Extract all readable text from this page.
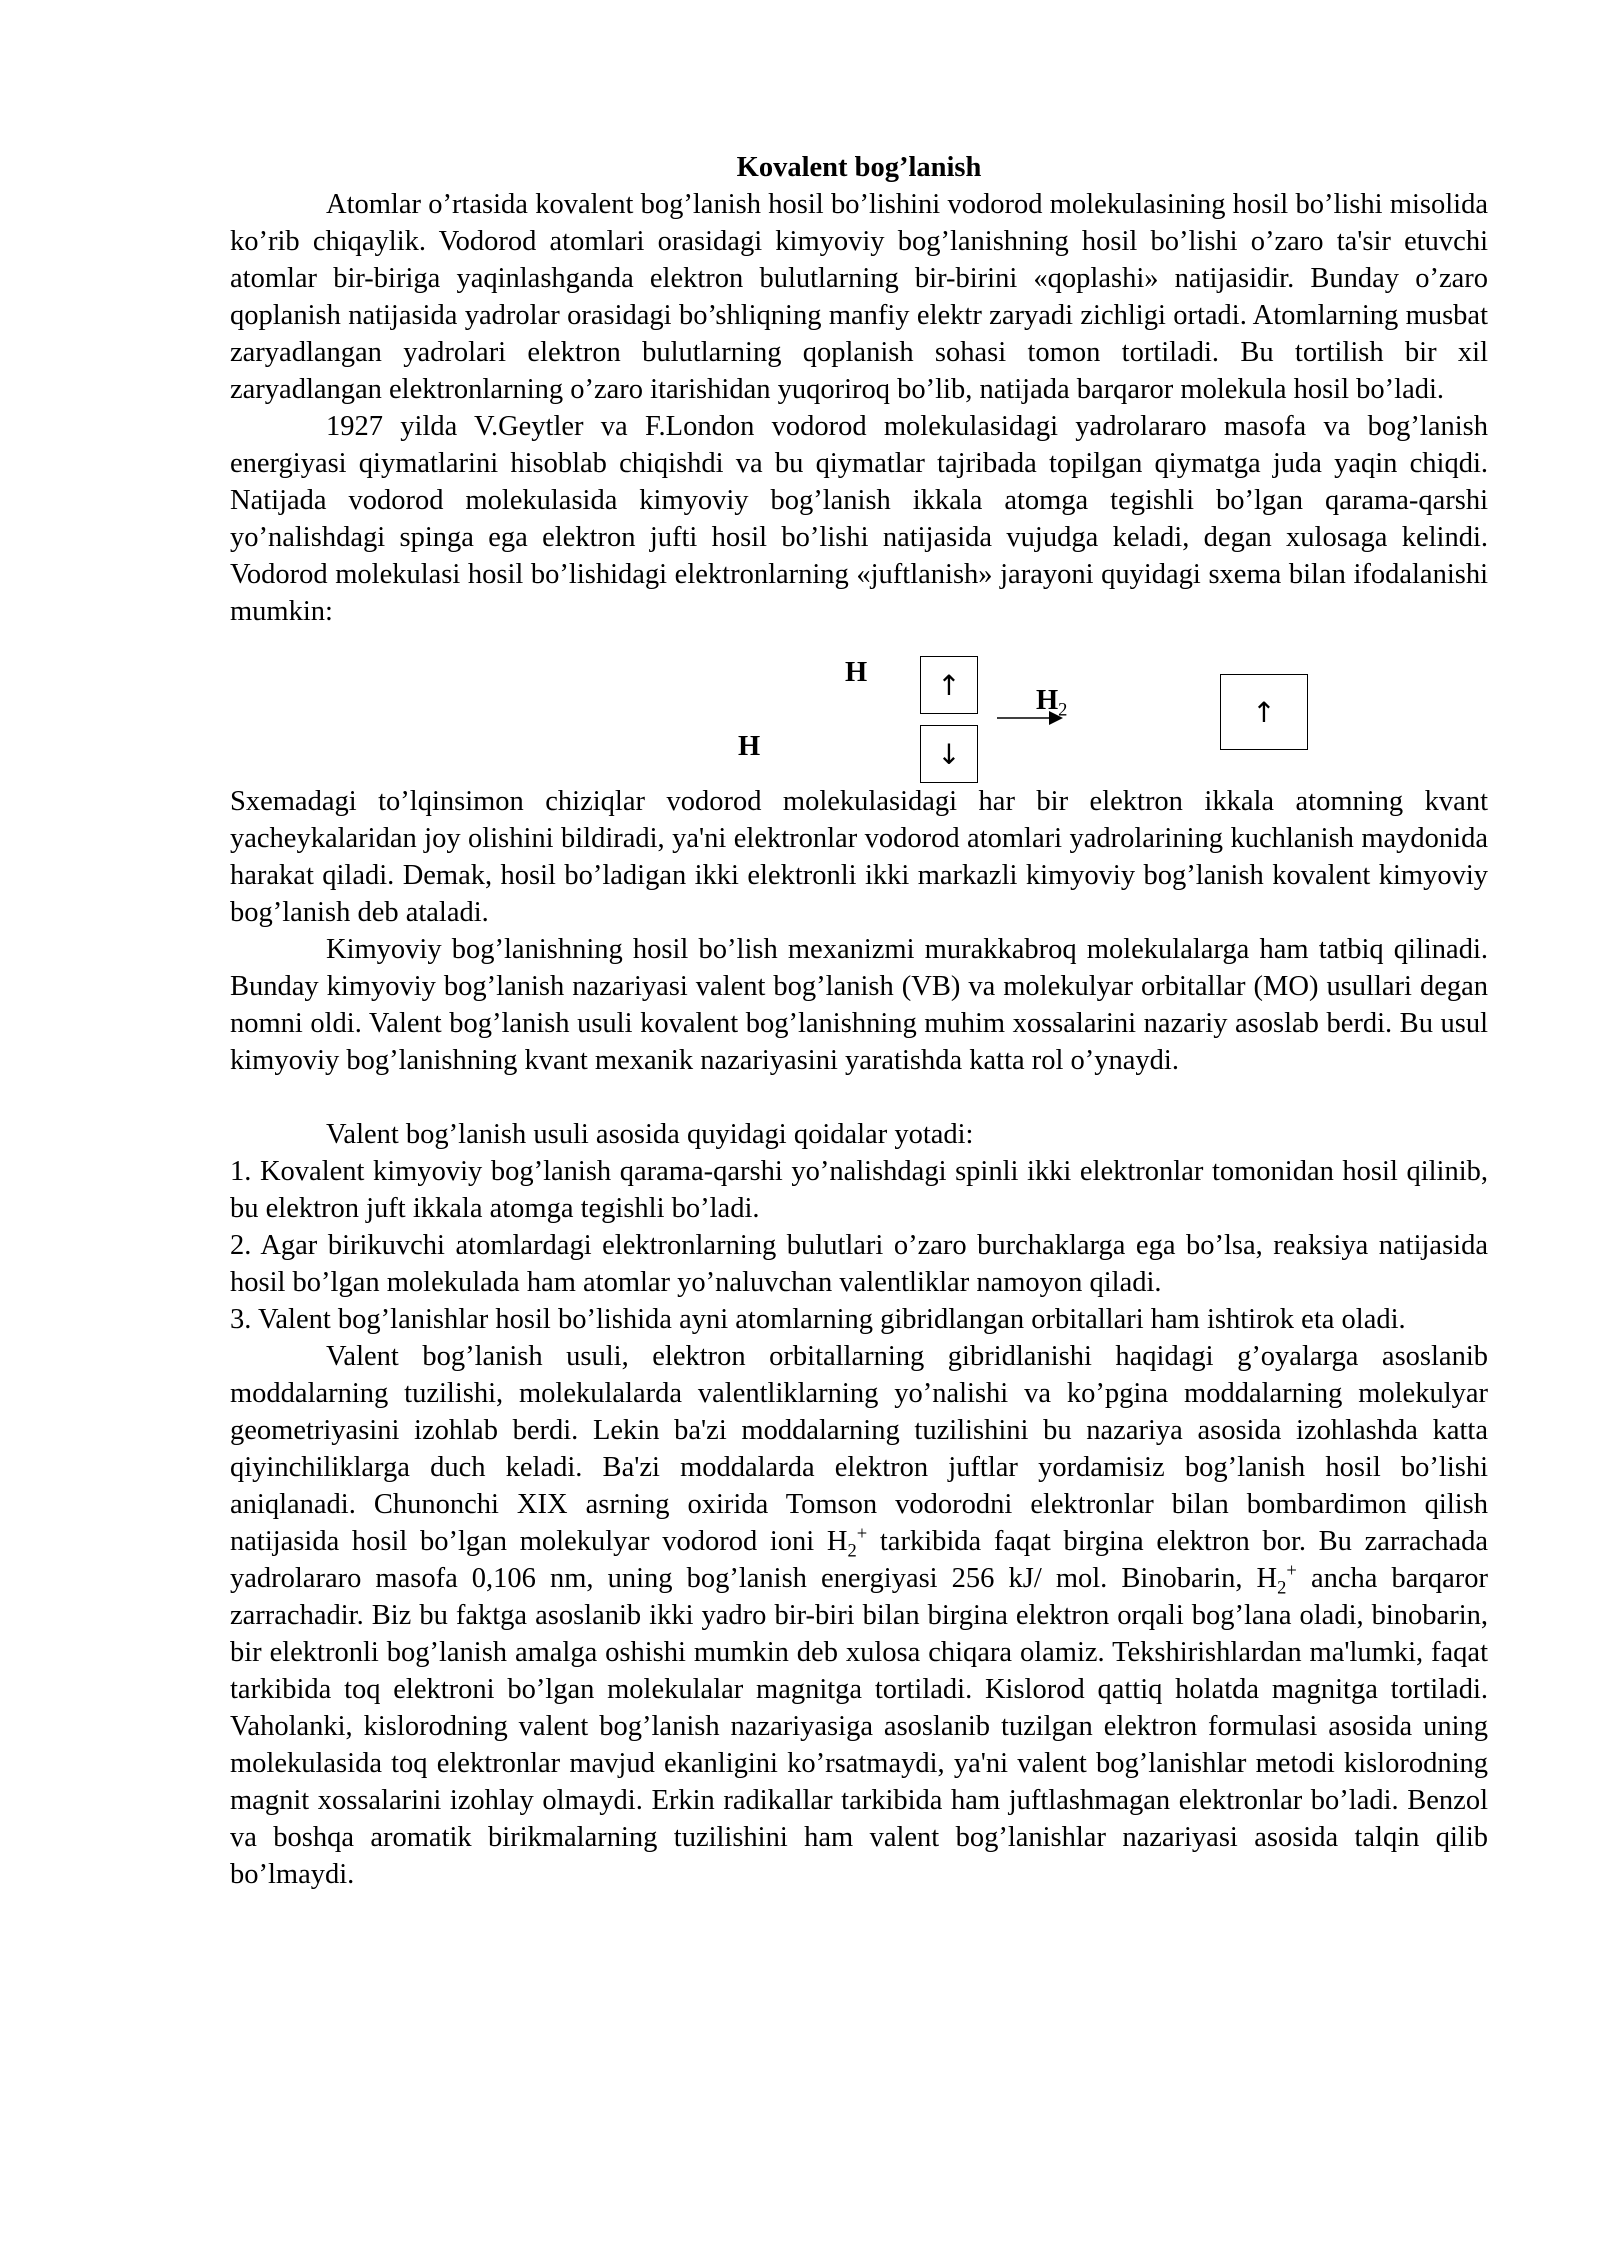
Kovalent bog’lanish

Atomlar o’rtasida kovalent bog’lanish hosil bo’lishini vodorod molekulasining hosil bo’lishi misolida ko’rib chiqaylik. Vodorod atomlari orasidagi kimyoviy bog’lanishning hosil bo’lishi o’zaro ta'sir etuvchi atomlar bir-biriga yaqinlashganda elektron bulutlarning bir-birini «qoplashi» natijasidir. Bunday o’zaro qoplanish natijasida yadrolar orasidagi bo’shliqning manfiy elektr zaryadi zichligi ortadi. Atomlarning musbat zaryadlangan yadrolari elektron bulutlarning qoplanish sohasi tomon tortiladi. Bu tortilish bir xil zaryadlangan elektronlarning o’zaro itarishidan yuqoriroq bo’lib, natijada barqaror molekula hosil bo’ladi.

1927 yilda V.Geytler va F.London vodorod molekulasidagi yadrolararo masofa va bog’lanish energiyasi qiymatlarini hisoblab chiqishdi va bu qiymatlar tajribada topilgan qiymatga juda yaqin chiqdi. Natijada vodorod molekulasida kimyoviy bog’lanish ikkala atomga tegishli bo’lgan qarama-qarshi yo’nalishdagi spinga ega elektron jufti hosil bo’lishi natijasida vujudga keladi, degan xulosaga kelindi. Vodorod molekulasi hosil bo’lishidagi elektronlarning «juftlanish» jarayoni quyidagi sxema bilan ifodalanishi mumkin:

H	↑
↓
H
$H_2$	↑

Sxemadagi to’lqinsimon chiziqlar vodorod molekulasidagi har bir elektron ikkala atomning kvant yacheykalaridan joy olishini bildiradi, ya'ni elektronlar vodorod atomlari yadrolarining kuchlanish maydonida harakat qiladi. Demak, hosil bo’ladigan ikki elektronli ikki markazli kimyoviy bog’lanish kovalent kimyoviy bog’lanish deb ataladi.

Kimyoviy bog’lanishning hosil bo’lish mexanizmi murakkabroq molekulalarga ham tatbiq qilinadi. Bunday kimyoviy bog’lanish nazariyasi valent bog’lanish (VB) va molekulyar orbitallar (MO) usullari degan nomni oldi. Valent bog’lanish usuli kovalent bog’lanishning muhim xossalarini nazariy asoslab berdi. Bu usul kimyoviy bog’lanishning kvant mexanik nazariyasini yaratishda katta rol o’ynaydi.

Valent bog’lanish usuli asosida quyidagi qoidalar yotadi:

1. Kovalent kimyoviy bog’lanish qarama-qarshi yo’nalishdagi spinli ikki elektronlar tomonidan hosil qilinib, bu elektron juft ikkala atomga tegishli bo’ladi.

2. Agar birikuvchi atomlardagi elektronlarning bulutlari o’zaro burchaklarga ega bo’lsa, reaksiya natijasida hosil bo’lgan molekulada ham atomlar yo’naluvchan valentliklar namoyon qiladi.

3. Valent bog’lanishlar hosil bo’lishida ayni atomlarning gibridlangan orbitallari ham ishtirok eta oladi.

Valent bog’lanish usuli, elektron orbitallarning gibridlanishi haqidagi g’oyalarga asoslanib moddalarning tuzilishi, molekulalarda valentliklarning yo’nalishi va ko’pgina moddalarning molekulyar geometriyasini izohlab berdi. Lekin ba'zi moddalarning tuzilishini bu nazariya asosida izohlashda katta qiyinchiliklarga duch keladi. Ba'zi moddalarda elektron juftlar yordamisiz bog’lanish hosil bo’lishi aniqlanadi. Chunonchi XIX asrning oxirida Tomson vodorodni elektronlar bilan bombardimon qilish natijasida hosil bo’lgan molekulyar vodorod ioni $H_2^+$ tarkibida faqat birgina elektron bor. Bu zarrachada yadrolararo masofa 0,106 nm, uning bog’lanish energiyasi 256 kJ/ mol. Binobarin, $H_2^+$ ancha barqaror zarrachadir. Biz bu faktga asoslanib ikki yadro bir-biri bilan birgina elektron orqali bog’lana oladi, binobarin, bir elektronli bog’lanish amalga oshishi mumkin deb xulosa chiqara olamiz. Tekshirishlardan ma'lumki, faqat tarkibida toq elektroni bo’lgan molekulalar magnitga tortiladi. Kislorod qattiq holatda magnitga tortiladi. Vaholanki, kislorodning valent bog’lanish nazariyasiga asoslanib tuzilgan elektron formulasi asosida uning molekulasida toq elektronlar mavjud ekanligini ko’rsatmaydi, ya'ni valent bog’lanishlar metodi kislorodning magnit xossalarini izohlay olmaydi. Erkin radikallar tarkibida ham juftlashmagan elektronlar bo’ladi. Benzol va boshqa aromatik birikmalarning tuzilishini ham valent bog’lanishlar nazariyasi asosida talqin qilib bo’lmaydi.
